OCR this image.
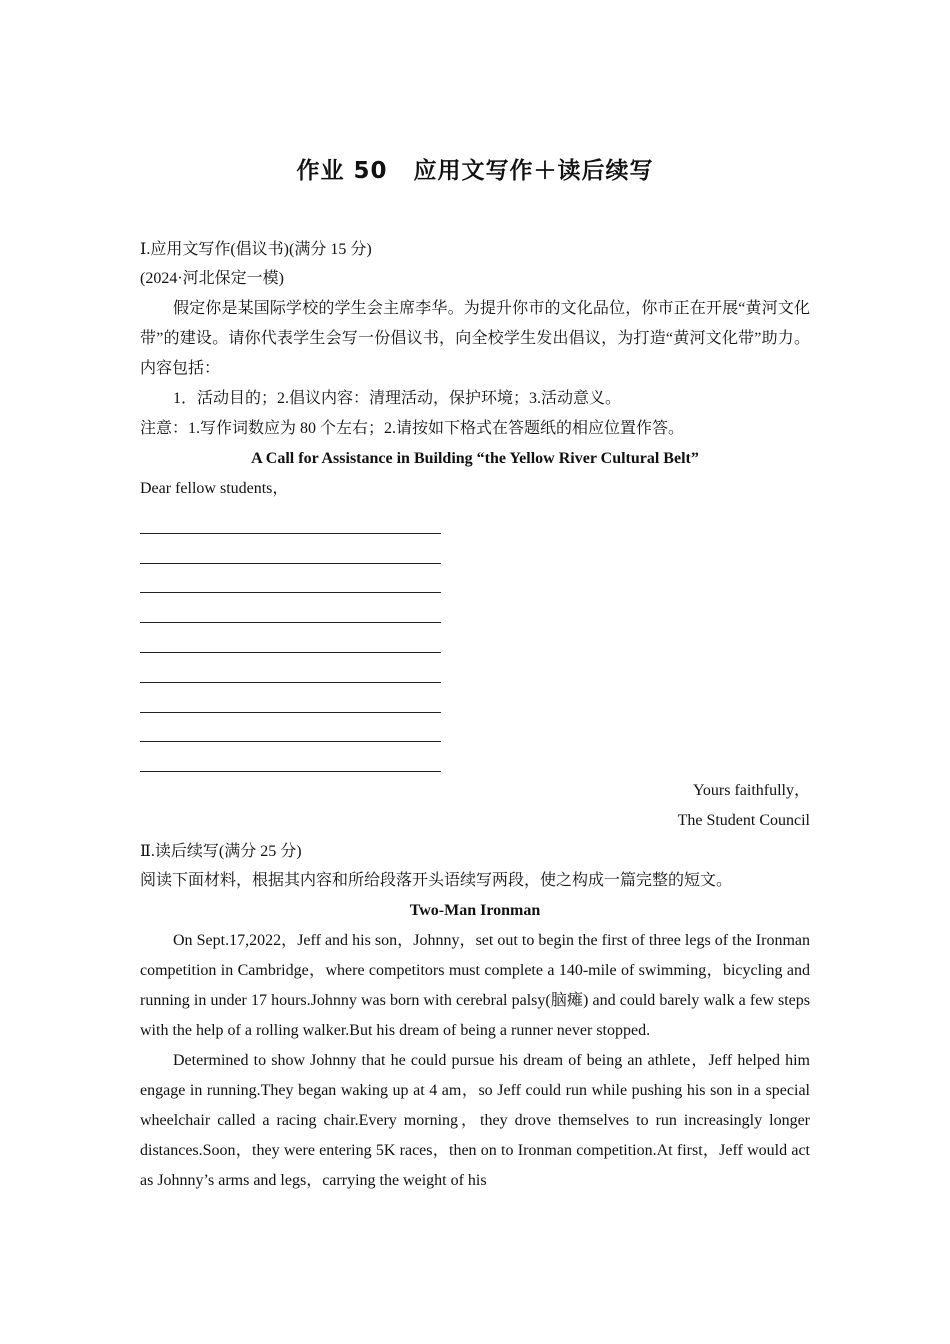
作业 50 应用文写作＋读后续写
Ⅰ.应用文写作(倡议书)(满分 15 分)
(2024·河北保定一模)

假定你是某国际学校的学生会主席李华。为提升你市的文化品位，你市正在开展“黄河文化带”的建设。请你代表学生会写一份倡议书，向全校学生发出倡议，为打造“黄河文化带”助力。内容包括：

1．活动目的；2.倡议内容：清理活动，保护环境；3.活动意义。
注意：1.写作词数应为 80 个左右；2.请按如下格式在答题纸的相应位置作答。
A Call for Assistance in Building “the Yellow River Cultural Belt”
Dear fellow students，
Yours faithfully，
The Student Council
Ⅱ.读后续写(满分 25 分)
阅读下面材料，根据其内容和所给段落开头语续写两段，使之构成一篇完整的短文。
Two-Man Ironman

On Sept.17,2022，Jeff and his son，Johnny，set out to begin the first of three legs of the Ironman competition in Cambridge，where competitors must complete a 140-mile of swimming，bicycling and running in under 17 hours.Johnny was born with cerebral palsy(脑瘫) and could barely walk a few steps with the help of a rolling walker.But his dream of being a runner never stopped.

Determined to show Johnny that he could pursue his dream of being an athlete，Jeff helped him engage in running.They began waking up at 4 am，so Jeff could run while pushing his son in a special wheelchair called a racing chair.Every morning，they drove themselves to run increasingly longer distances.Soon，they were entering 5K races，then on to Ironman competition.At first，Jeff would act as Johnny’s arms and legs，carrying the weight of his
